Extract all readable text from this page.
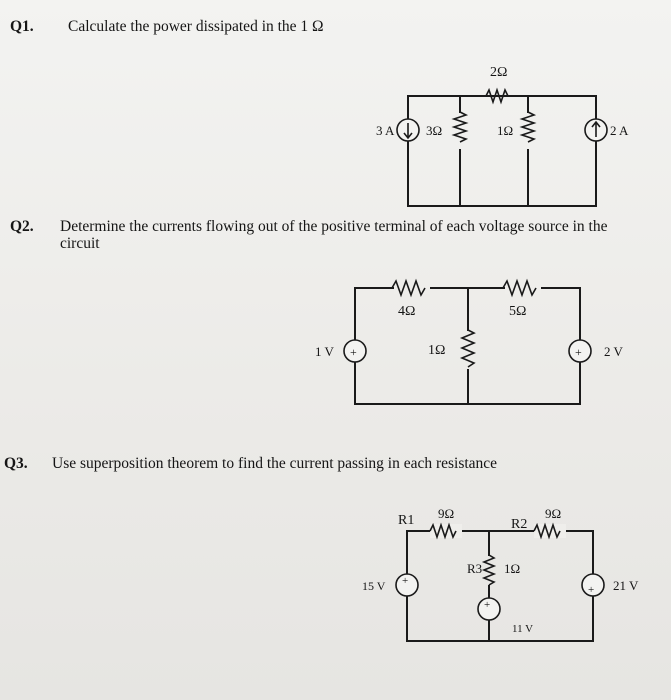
Q1. Calculate the power dissipated in the 1 Ω
2Ω
3 A 3Ω	1Ω	2 A
Q2. Determine the currents flowing out of the positive terminal of each voltage source in the
circuit
4Ω	5Ω
1Ω
+
1 V	+ 2 V
Q3. Use superposition theorem to find the current passing in each resistance
R1 9Ω
R2
9Ω
R3 1Ω
+
15 V
+
11 V
+ 21 V
